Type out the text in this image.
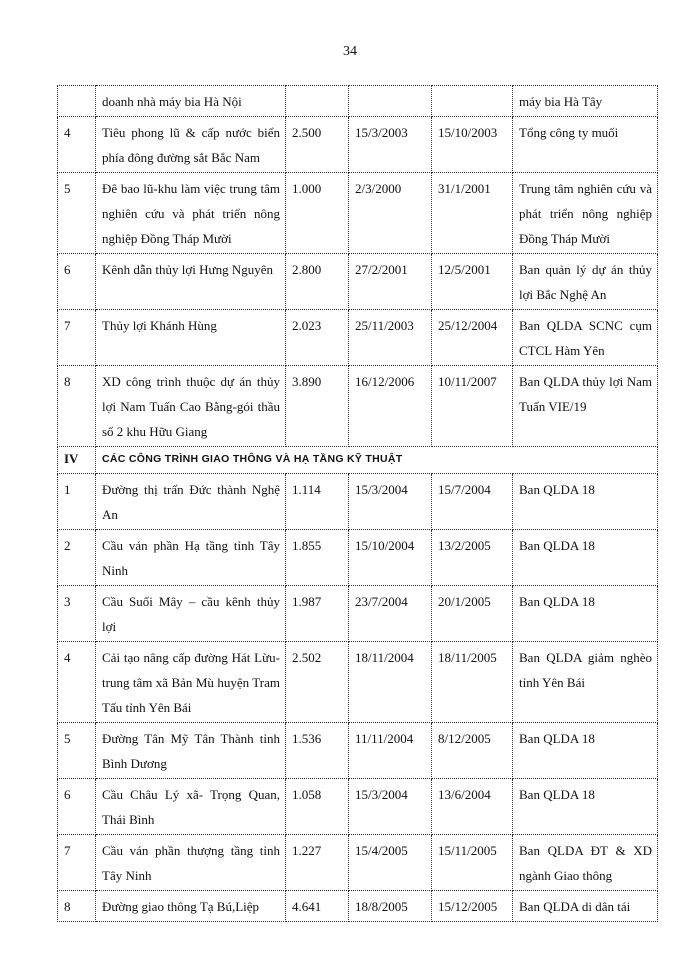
34
	doanh nhà máy bia Hà Nội				máy bia Hà Tây
4	Tiêu phong lũ & cấp nước biển phía đông đường sắt Bắc Nam	2.500	15/3/2003	15/10/2003	Tổng công ty muối
5	Đê bao lũ-khu làm việc trung tâm nghiên cứu và phát triển nông nghiệp Đồng Tháp Mười	1.000	2/3/2000	31/1/2001	Trung tâm nghiên cứu và phát triển nông nghiệp Đồng Tháp Mười
6	Kênh dẫn thủy lợi Hưng Nguyên	2.800	27/2/2001	12/5/2001	Ban quản lý dự án thủy lợi Bắc Nghệ An
7	Thủy lợi Khánh Hùng	2.023	25/11/2003	25/12/2004	Ban QLDA SCNC cụm CTCL Hàm Yên
8	XD công trình thuộc dự án thủy lợi Nam Tuấn Cao Bằng-gói thầu số 2 khu Hữu Giang	3.890	16/12/2006	10/11/2007	Ban QLDA thủy lợi Nam Tuấn VIE/19
IV	CÁC CÔNG TRÌNH GIAO THÔNG VÀ HẠ TẦNG KỸ THUẬT				
1	Đường thị trấn Đức thành Nghệ An	1.114	15/3/2004	15/7/2004	Ban QLDA 18
2	Cầu ván phần Hạ tầng tỉnh Tây Ninh	1.855	15/10/2004	13/2/2005	Ban QLDA 18
3	Cầu Suối Mây – cầu kênh thủy lợi	1.987	23/7/2004	20/1/2005	Ban QLDA 18
4	Cải tạo nâng cấp đường Hát Lừu-trung tâm xã Bản Mù huyện Tram Tấu tỉnh Yên Bái	2.502	18/11/2004	18/11/2005	Ban QLDA giảm nghèo tỉnh Yên Bái
5	Đường Tân Mỹ Tân Thành tỉnh Bình Dương	1.536	11/11/2004	8/12/2005	Ban QLDA 18
6	Cầu Châu Lý xã- Trọng Quan, Thái Bình	1.058	15/3/2004	13/6/2004	Ban QLDA 18
7	Cầu ván phần thượng tầng tỉnh Tây Ninh	1.227	15/4/2005	15/11/2005	Ban QLDA ĐT & XD ngành Giao thông
8	Đường giao thông Tạ Bú,Liệp	4.641	18/8/2005	15/12/2005	Ban QLDA di dân tái
